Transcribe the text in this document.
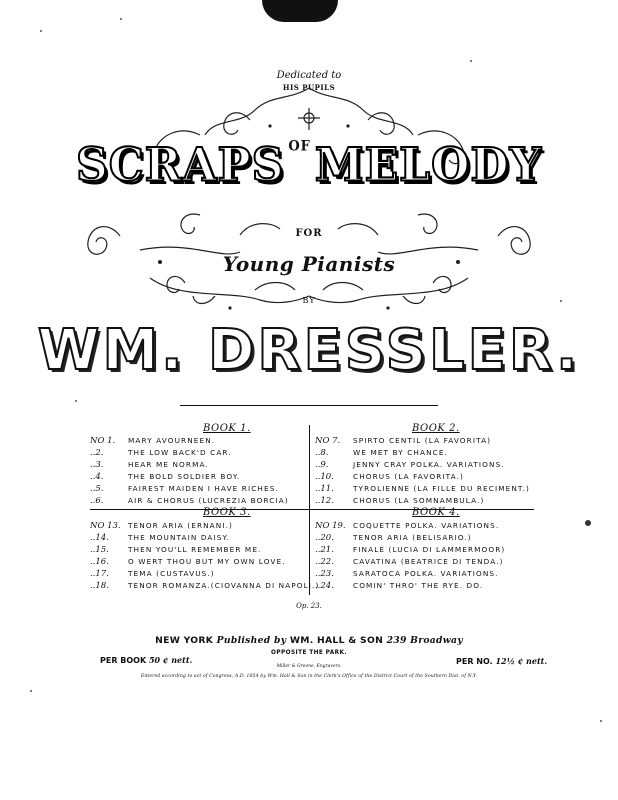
Dedicated to
HIS PUPILS
SCRAPS OFMELODY
FOR
Young Pianists
BY
WM. DRESSLER.
BOOK 1.
NO 1. MARY AVOURNEEN.
..2.	THE LOW BACK'D CAR.
..3.	HEAR ME NORMA.
..4.	THE BOLD SOLDIER BOY.
..5.	FAIREST MAIDEN I HAVE RICHES.
..6.	AIR & CHORUS (LUCREZIA BORCIA)
BOOK 2.
NO 7. SPIRTO CENTIL (LA FAVORITA)
..8.	WE MET BY CHANCE.
..9.	JENNY CRAY POLKA. VARIATIONS.
..10.	CHORUS (LA FAVORITA.)
..11.	TYROLIENNE (LA FILLE DU RECIMENT.)
..12.	CHORUS (LA SOMNAMBULA.)
BOOK 3.
NO 13. TENOR ARIA (ERNANI.)
..14.	THE MOUNTAIN DAISY.
..15.	THEN YOU'LL REMEMBER ME.
..16.	O WERT THOU BUT MY OWN LOVE.
..17.	TEMA (CUSTAVUS.)
..18.	TENOR ROMANZA.(CIOVANNA DI NAPOLI.)
BOOK 4.
NO 19. COQUETTE POLKA. VARIATIONS.
..20.	TENOR ARIA (BELISARIO.)
..21.	FINALE (LUCIA DI LAMMERMOOR)
..22.	CAVATINA (BEATRICE DI TENDA.)
..23.	SARATOCA POLKA. VARIATIONS.
..24.	COMIN' THRO' THE RYE. DO.
Op. 23.
NEW YORK Published by WM. HALL & SON 239 Broadway
OPPOSITE THE PARK.
PER BOOK 50 ¢ nett.	PER NO. 12½ ¢ nett.
Miller & Greene, Engravers.
Entered according to act of Congress, A.D. 1854 by Wm. Hall & Son in the Clerk's Office of the District Court of the Southern Dist. of N.Y.
